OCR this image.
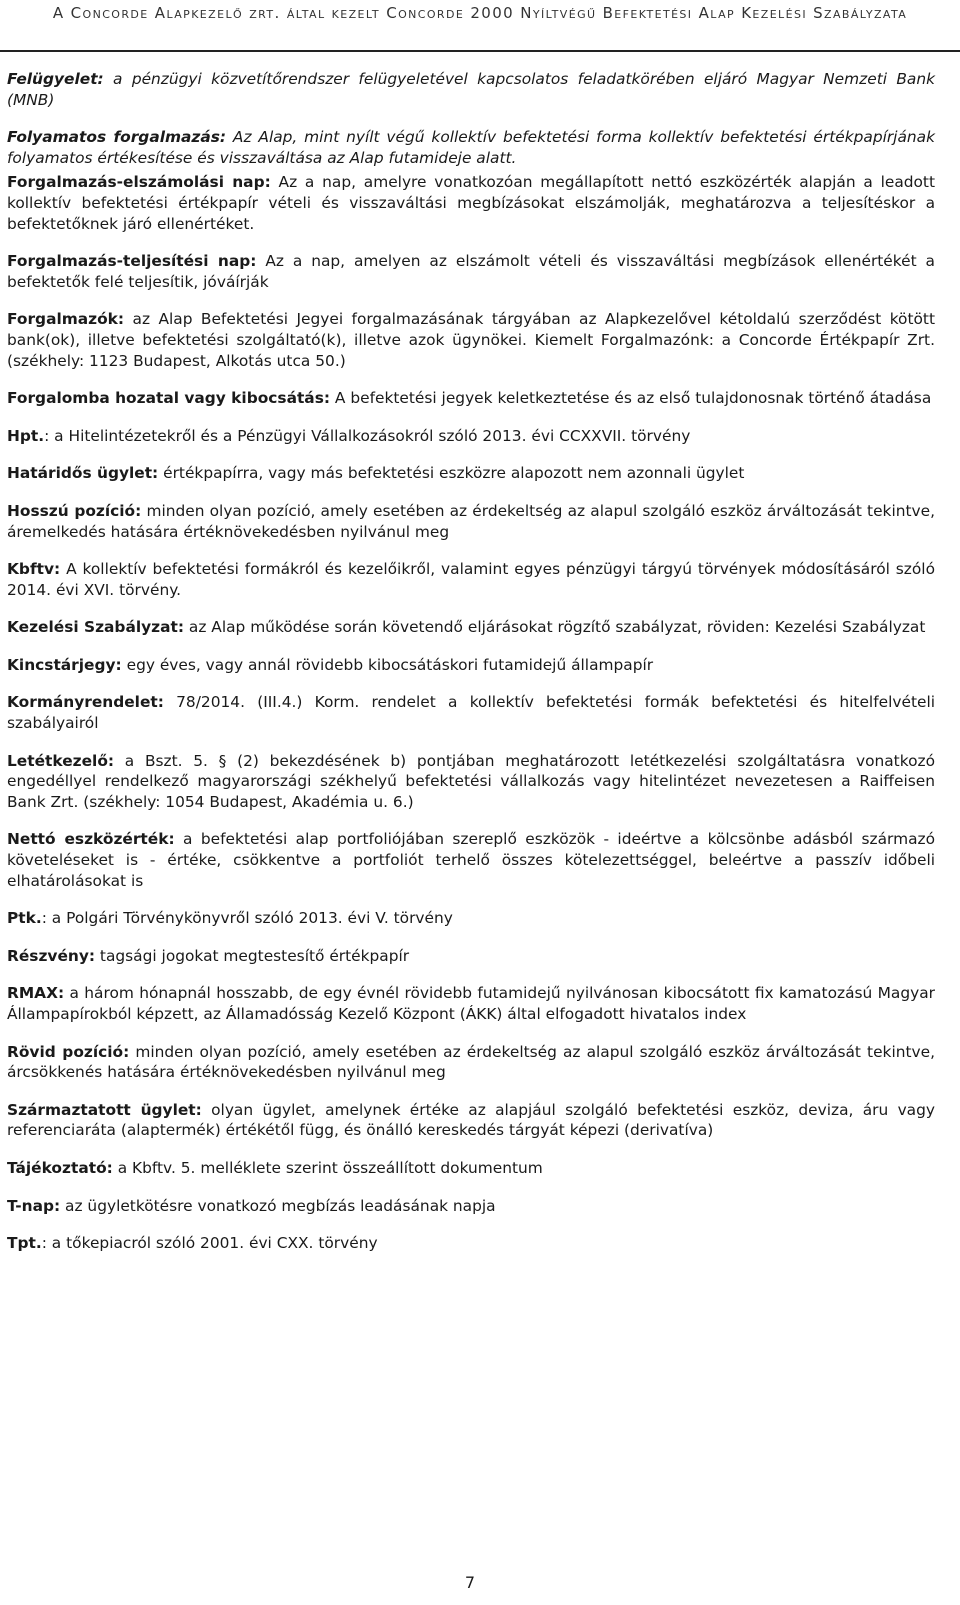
A Concorde Alapkezelő zrt. által kezelt Concorde 2000 Nyíltvégű Befektetési Alap Kezelési Szabályzata

Felügyelet: a pénzügyi közvetítőrendszer felügyeletével kapcsolatos feladatkörében eljáró Magyar Nemzeti Bank (MNB)

Folyamatos forgalmazás: Az Alap, mint nyílt végű kollektív befektetési forma kollektív befektetési értékpapírjának folyamatos értékesítése és visszaváltása az Alap futamideje alatt.

Forgalmazás-elszámolási nap: Az a nap, amelyre vonatkozóan megállapított nettó eszközérték alapján a leadott kollektív befektetési értékpapír vételi és visszaváltási megbízásokat elszámolják, meghatározva a teljesítéskor a befektetőknek járó ellenértéket.

Forgalmazás-teljesítési nap: Az a nap, amelyen az elszámolt vételi és visszaváltási megbízások ellenértékét a befektetők felé teljesítik, jóváírják

Forgalmazók: az Alap Befektetési Jegyei forgalmazásának tárgyában az Alapkezelővel kétoldalú szerződést kötött bank(ok), illetve befektetési szolgáltató(k), illetve azok ügynökei. Kiemelt Forgalmazónk: a Concorde Értékpapír Zrt. (székhely: 1123 Budapest, Alkotás utca 50.)

Forgalomba hozatal vagy kibocsátás: A befektetési jegyek keletkeztetése és az első tulajdonosnak történő átadása

Hpt.: a Hitelintézetekről és a Pénzügyi Vállalkozásokról szóló 2013. évi CCXXVII. törvény

Határidős ügylet: értékpapírra, vagy más befektetési eszközre alapozott nem azonnali ügylet

Hosszú pozíció: minden olyan pozíció, amely esetében az érdekeltség az alapul szolgáló eszköz árváltozását tekintve, áremelkedés hatására értéknövekedésben nyilvánul meg

Kbftv: A kollektív befektetési formákról és kezelőikről, valamint egyes pénzügyi tárgyú törvények módosításáról szóló 2014. évi XVI. törvény.

Kezelési Szabályzat: az Alap működése során követendő eljárásokat rögzítő szabályzat, röviden: Kezelési Szabályzat

Kincstárjegy: egy éves, vagy annál rövidebb kibocsátáskori futamidejű állampapír

Kormányrendelet: 78/2014. (III.4.) Korm. rendelet a kollektív befektetési formák befektetési és hitelfelvételi szabályairól

Letétkezelő: a Bszt. 5. § (2) bekezdésének b) pontjában meghatározott letétkezelési szolgáltatásra vonatkozó engedéllyel rendelkező magyarországi székhelyű befektetési vállalkozás vagy hitelintézet nevezetesen a Raiffeisen Bank Zrt. (székhely: 1054 Budapest, Akadémia u. 6.)

Nettó eszközérték: a befektetési alap portfoliójában szereplő eszközök - ideértve a kölcsönbe adásból származó követeléseket is - értéke, csökkentve a portfoliót terhelő összes kötelezettséggel, beleértve a passzív időbeli elhatárolásokat is

Ptk.: a Polgári Törvénykönyvről szóló 2013. évi V. törvény

Részvény: tagsági jogokat megtestesítő értékpapír

RMAX: a három hónapnál hosszabb, de egy évnél rövidebb futamidejű nyilvánosan kibocsátott fix kamatozású Magyar Állampapírokból képzett, az Államadósság Kezelő Központ (ÁKK) által elfogadott hivatalos index

Rövid pozíció: minden olyan pozíció, amely esetében az érdekeltség az alapul szolgáló eszköz árváltozását tekintve, árcsökkenés hatására értéknövekedésben nyilvánul meg

Származtatott ügylet: olyan ügylet, amelynek értéke az alapjául szolgáló befektetési eszköz, deviza, áru vagy referenciaráta (alaptermék) értékétől függ, és önálló kereskedés tárgyát képezi (derivatíva)

Tájékoztató: a Kbftv. 5. melléklete szerint összeállított dokumentum

T-nap: az ügyletkötésre vonatkozó megbízás leadásának napja

Tpt.: a tőkepiacról szóló 2001. évi CXX. törvény

7
